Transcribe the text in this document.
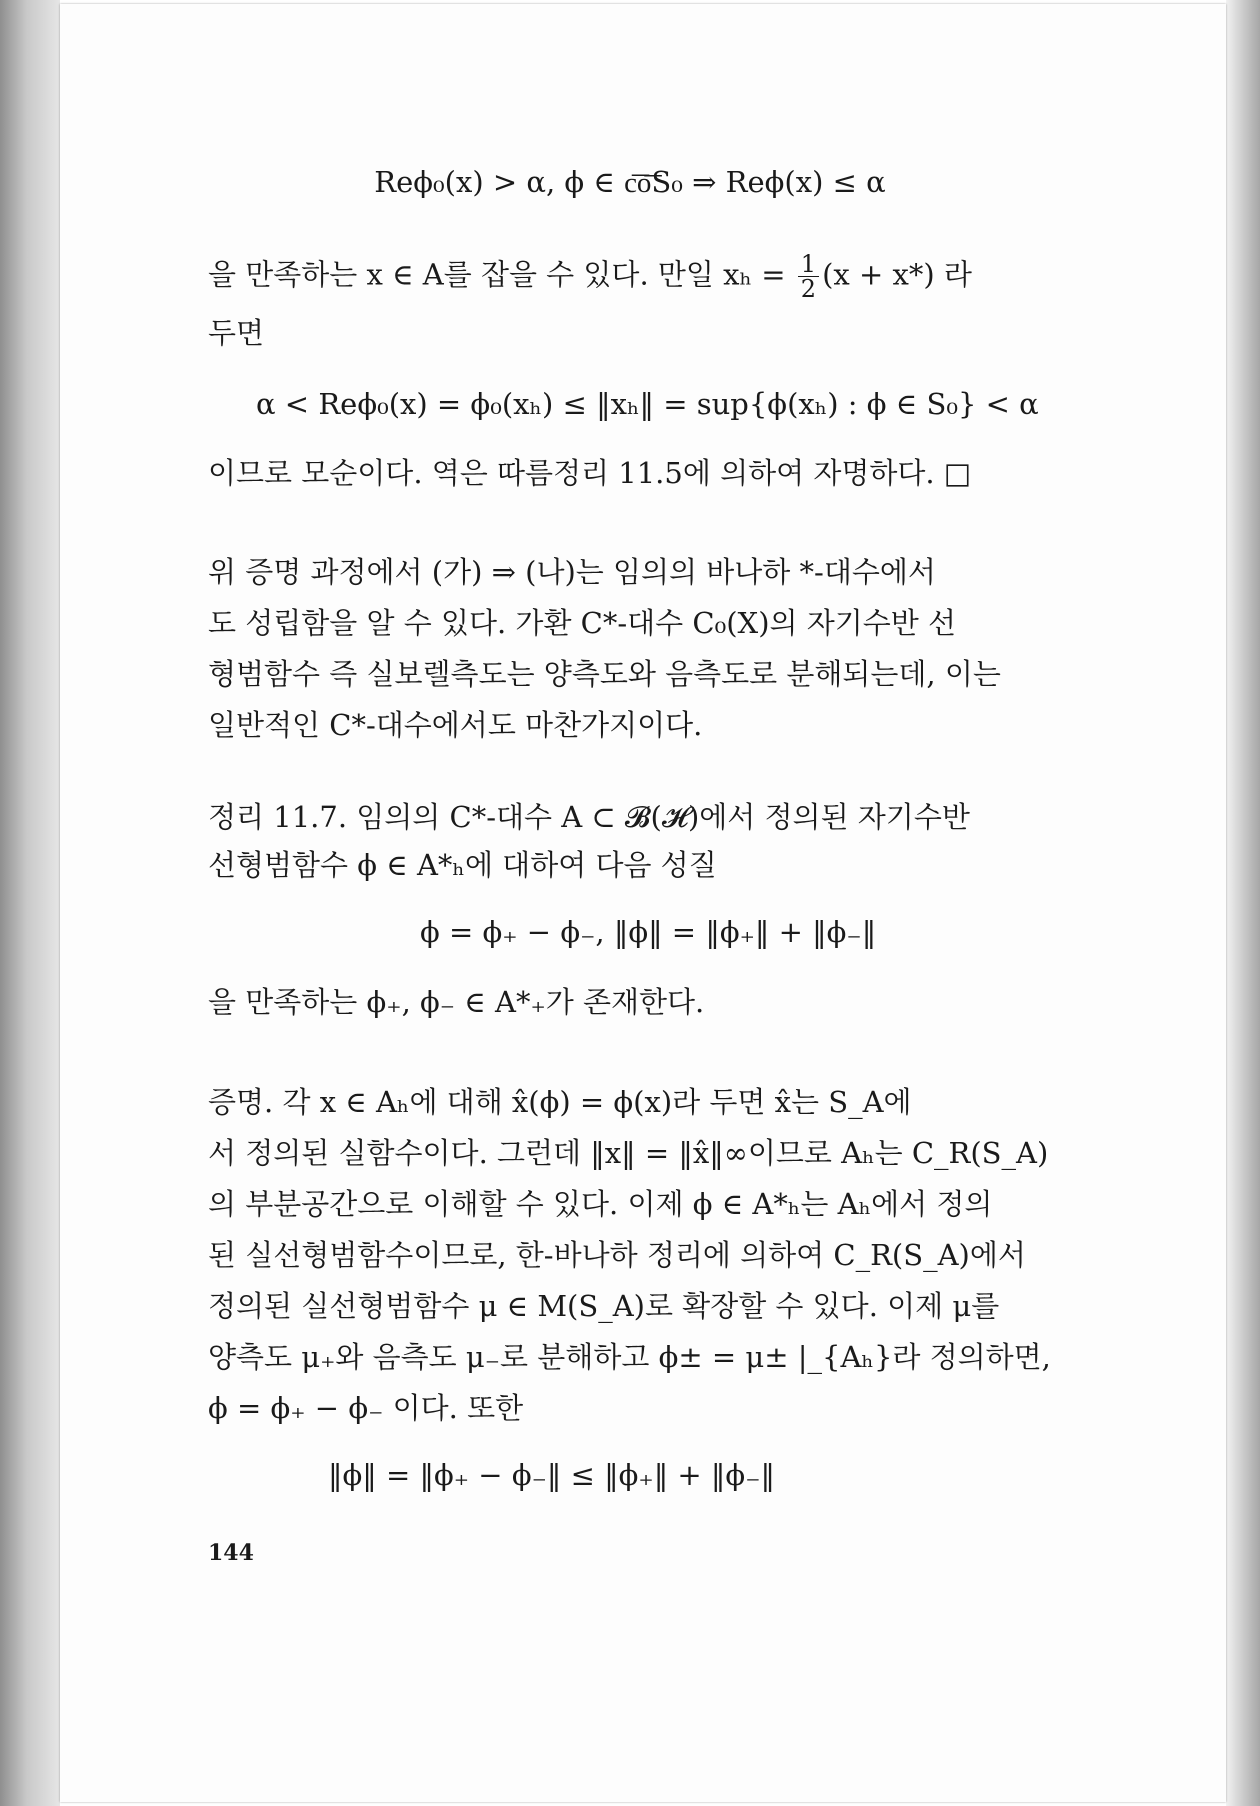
Reϕ₀(x) > α, ϕ ∈ c͞o͞S₀ ⇒ Reϕ(x) ≤ α

을 만족하는 x ∈ A를 잡을 수 있다. 만일 $x_h = \frac{1}{2} (x + x*)$ 라

두면

α < Reϕ₀(x) = ϕ₀(xₕ) ≤ ‖xₕ‖ = sup{ϕ(xₕ) : ϕ ∈ S₀} < α

이므로 모순이다. 역은 따름정리 11.5에 의하여 자명하다. □

위 증명 과정에서 (가) ⇒ (나)는 임의의 바나하 *-대수에서

도 성립함을 알 수 있다. 가환 C*-대수 C₀(X)의 자기수반 선

형범함수 즉 실보렐측도는 양측도와 음측도로 분해되는데, 이는

일반적인 C*-대수에서도 마찬가지이다.

정리 11.7. 임의의 C*-대수 A ⊂ 𝓑(𝓗)에서 정의된 자기수반

선형범함수 ϕ ∈ A*ₕ에 대하여 다음 성질

ϕ = ϕ₊ − ϕ₋, ‖ϕ‖ = ‖ϕ₊‖ + ‖ϕ₋‖

을 만족하는 ϕ₊, ϕ₋ ∈ A*₊가 존재한다.

증명. 각 x ∈ Aₕ에 대해 x̂(ϕ) = ϕ(x)라 두면 x̂는 S_A에

서 정의된 실함수이다. 그런데 ‖x‖ = ‖x̂‖∞이므로 Aₕ는 C_R(S_A)

의 부분공간으로 이해할 수 있다. 이제 ϕ ∈ A*ₕ는 Aₕ에서 정의

된 실선형범함수이므로, 한-바나하 정리에 의하여 C_R(S_A)에서

정의된 실선형범함수 μ ∈ M(S_A)로 확장할 수 있다. 이제 μ를

양측도 μ₊와 음측도 μ₋로 분해하고 ϕ± = μ± |_{Aₕ}라 정의하면,

ϕ = ϕ₊ − ϕ₋ 이다. 또한

‖ϕ‖ = ‖ϕ₊ − ϕ₋‖ ≤ ‖ϕ₊‖ + ‖ϕ₋‖

144
